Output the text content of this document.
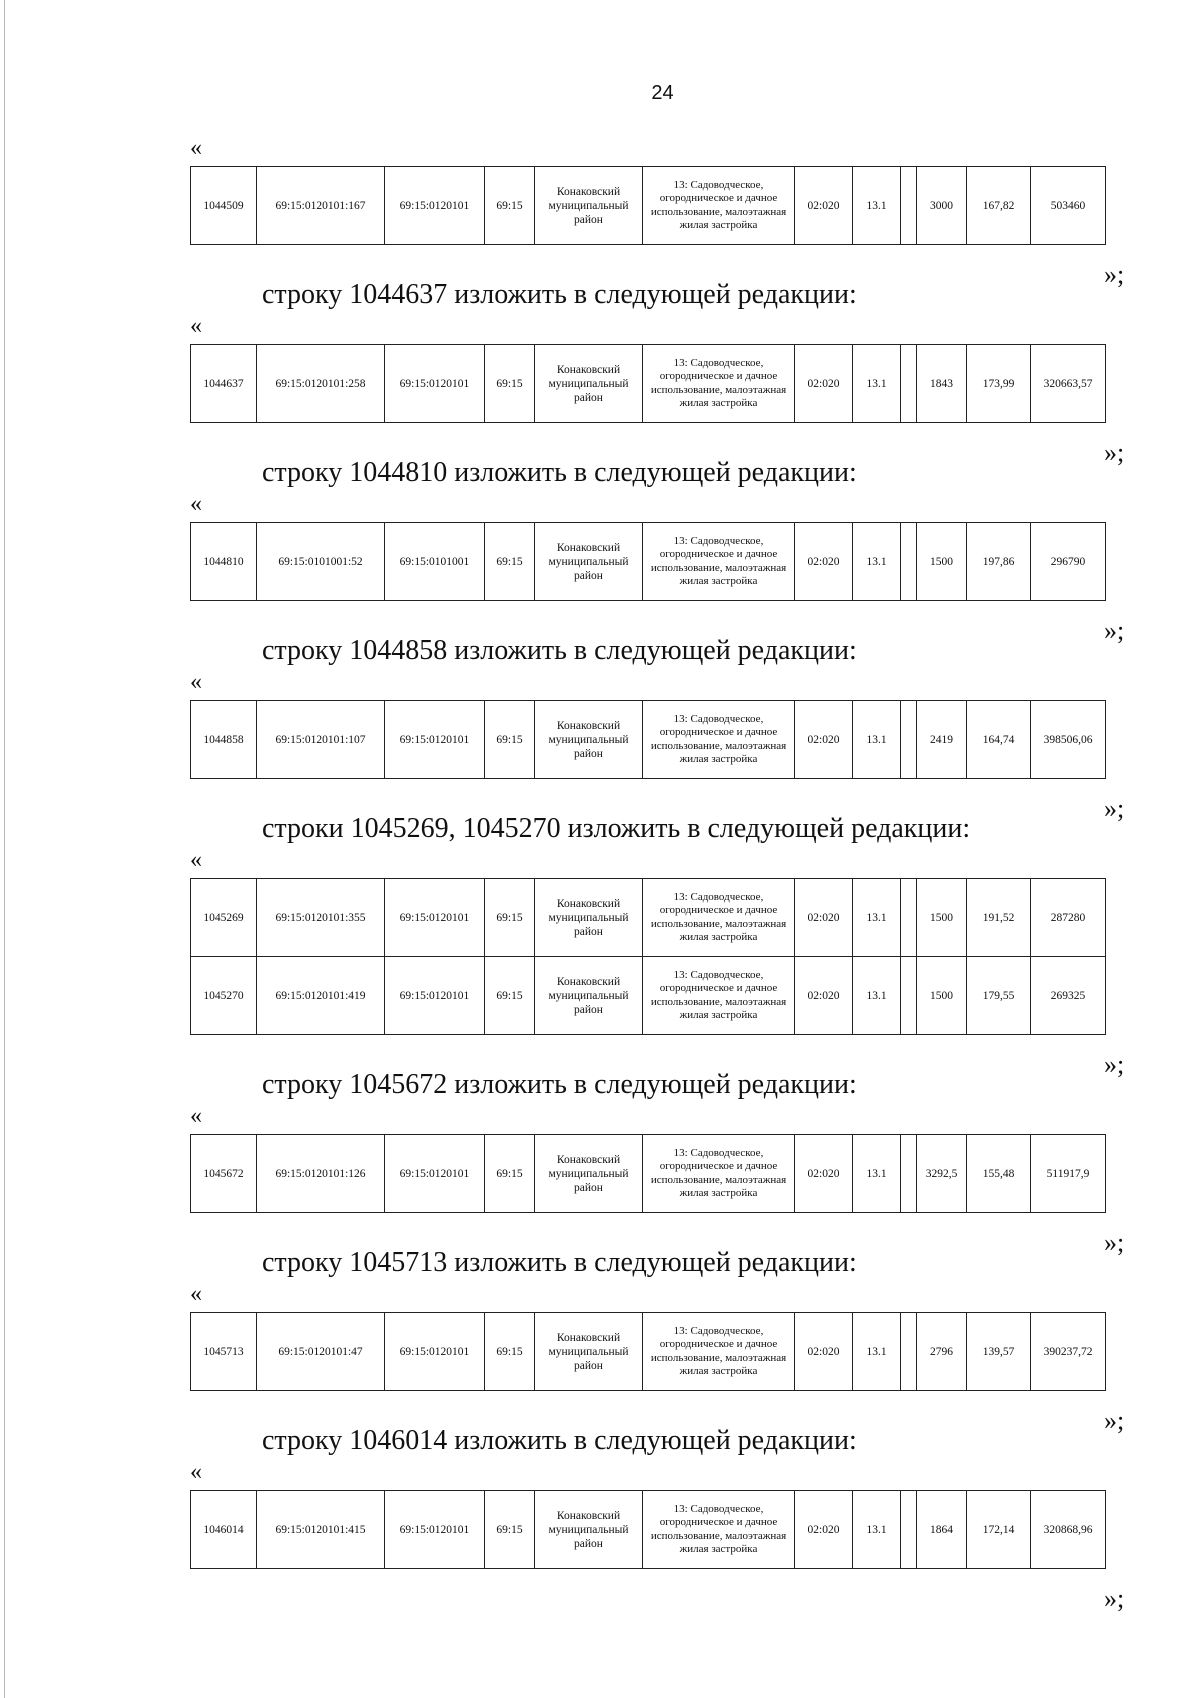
24
«
1044509	69:15:0120101:167	69:15:0120101	69:15	Конаковский муниципальный район	13: Садоводческое, огородническое и дачное использование, малоэтажная жилая застройка	02:020	13.1		3000	167,82	503460
»;
строку 1044637 изложить в следующей редакции:
«
1044637	69:15:0120101:258	69:15:0120101	69:15	Конаковский муниципальный район	13: Садоводческое, огородническое и дачное использование, малоэтажная жилая застройка	02:020	13.1		1843	173,99	320663,57
»;
строку 1044810 изложить в следующей редакции:
«
1044810	69:15:0101001:52	69:15:0101001	69:15	Конаковский муниципальный район	13: Садоводческое, огородническое и дачное использование, малоэтажная жилая застройка	02:020	13.1		1500	197,86	296790
»;
строку 1044858 изложить в следующей редакции:
«
1044858	69:15:0120101:107	69:15:0120101	69:15	Конаковский муниципальный район	13: Садоводческое, огородническое и дачное использование, малоэтажная жилая застройка	02:020	13.1		2419	164,74	398506,06
»;
строки 1045269, 1045270 изложить в следующей редакции:
«
1045269	69:15:0120101:355	69:15:0120101	69:15	Конаковский муниципальный район	13: Садоводческое, огородническое и дачное использование, малоэтажная жилая застройка	02:020	13.1		1500	191,52	287280
1045270	69:15:0120101:419	69:15:0120101	69:15	Конаковский муниципальный район	13: Садоводческое, огородническое и дачное использование, малоэтажная жилая застройка	02:020	13.1		1500	179,55	269325
»;
строку 1045672 изложить в следующей редакции:
«
1045672	69:15:0120101:126	69:15:0120101	69:15	Конаковский муниципальный район	13: Садоводческое, огородническое и дачное использование, малоэтажная жилая застройка	02:020	13.1		3292,5	155,48	511917,9
»;
строку 1045713 изложить в следующей редакции:
«
1045713	69:15:0120101:47	69:15:0120101	69:15	Конаковский муниципальный район	13: Садоводческое, огородническое и дачное использование, малоэтажная жилая застройка	02:020	13.1		2796	139,57	390237,72
»;
строку 1046014 изложить в следующей редакции:
«
1046014	69:15:0120101:415	69:15:0120101	69:15	Конаковский муниципальный район	13: Садоводческое, огородническое и дачное использование, малоэтажная жилая застройка	02:020	13.1		1864	172,14	320868,96
»;
